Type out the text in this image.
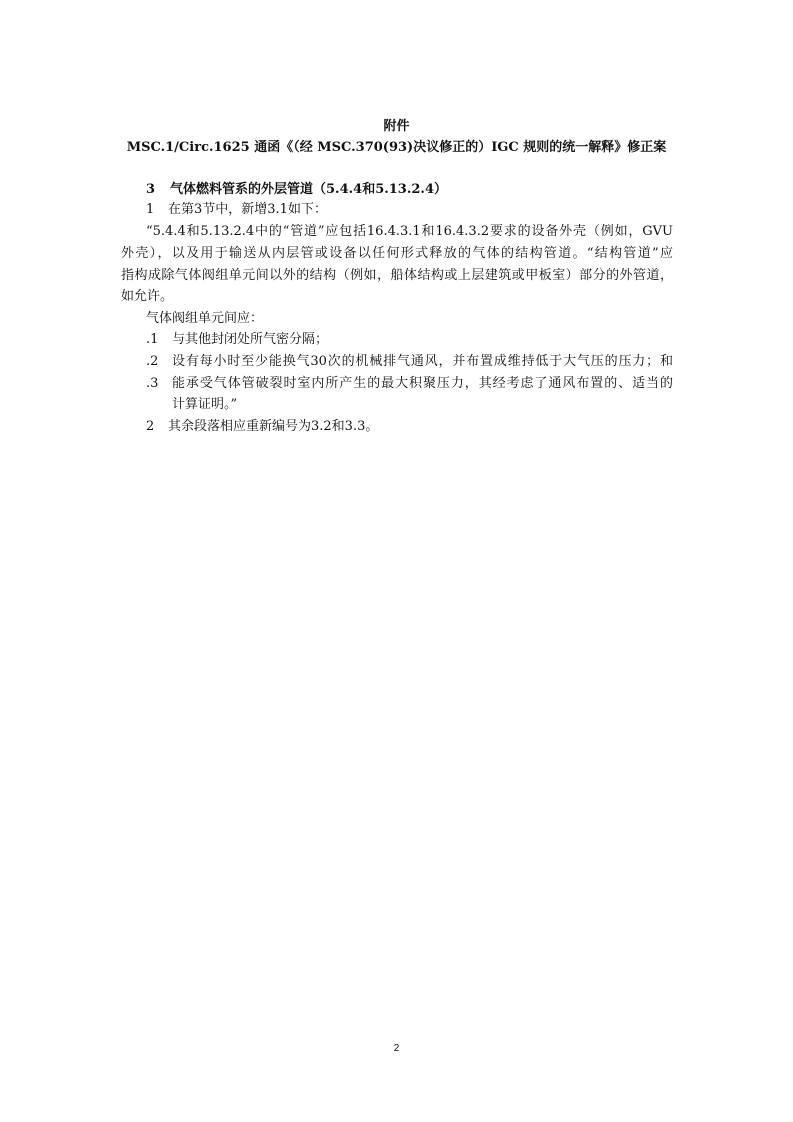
附件
MSC.1/Circ.1625 通函《（经 MSC.370(93)决议修正的）IGC 规则的统一解释》修正案
3 气体燃料管系的外层管道（5.4.4和5.13.2.4）
1 在第3节中，新增3.1如下：
“5.4.4和5.13.2.4中的“管道”应包括16.4.3.1和16.4.3.2要求的设备外壳（例如，GVU
外壳），以及用于输送从内层管或设备以任何形式释放的气体的结构管道。“结构管道”应
指构成除气体阀组单元间以外的结构（例如，船体结构或上层建筑或甲板室）部分的外管道，
如允许。
气体阀组单元间应：
.1 与其他封闭处所气密分隔；
.2 设有每小时至少能换气30次的机械排气通风，并布置成维持低于大气压的压力；和
.3 能承受气体管破裂时室内所产生的最大积聚压力，其经考虑了通风布置的、适当的
计算证明。”
2 其余段落相应重新编号为3.2和3.3。
2
